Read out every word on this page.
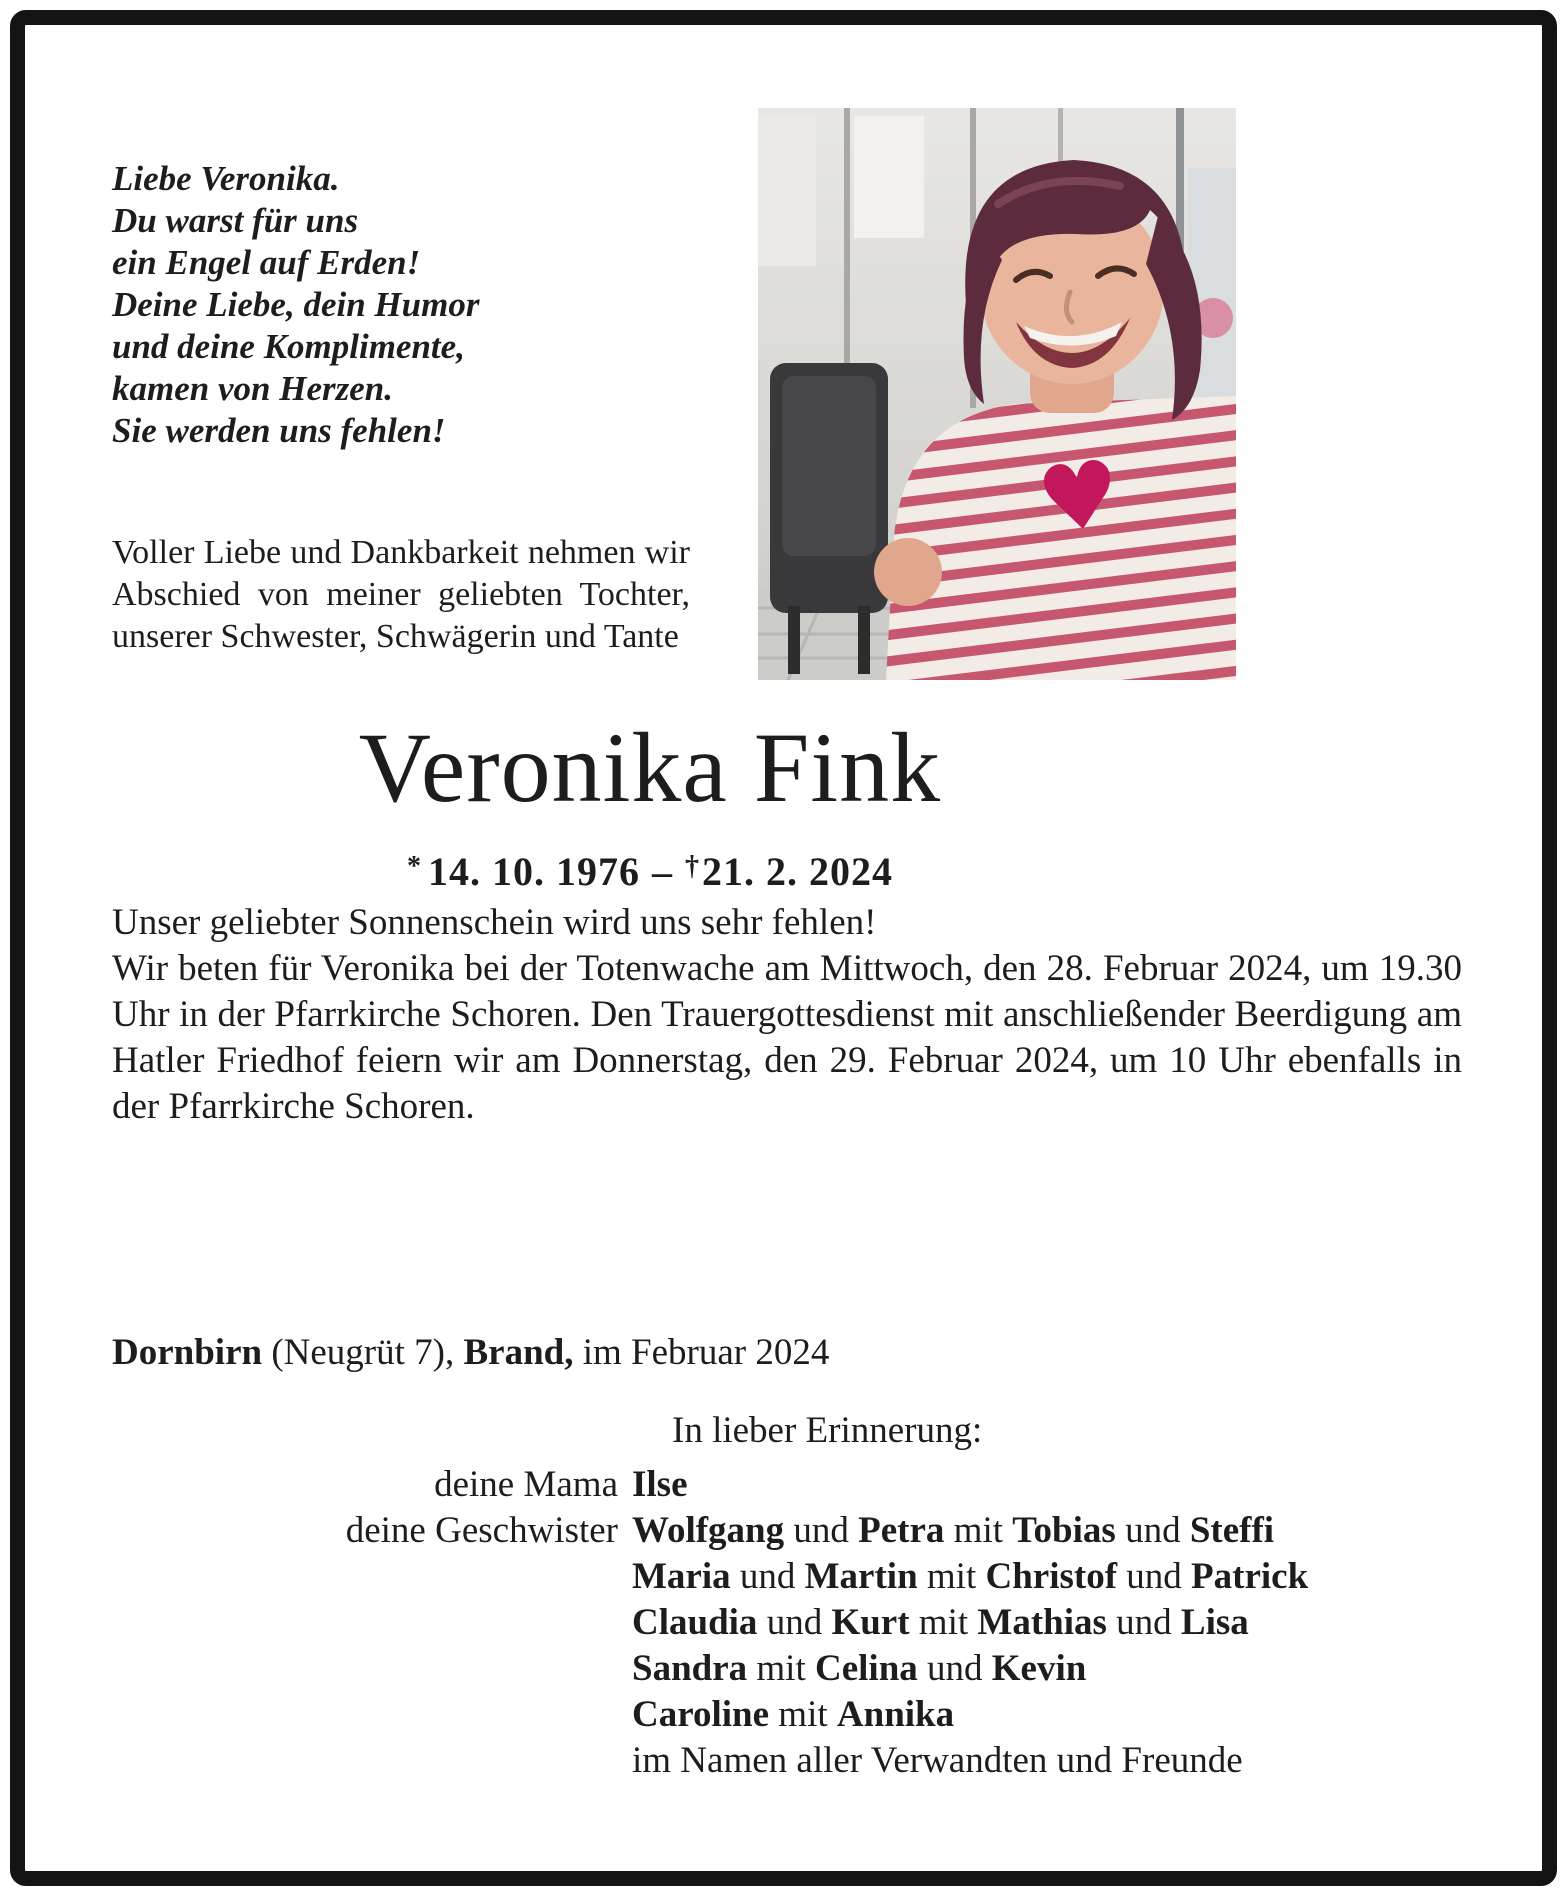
Liebe Veronika.
Du warst für uns
ein Engel auf Erden!
Deine Liebe, dein Humor
und deine Komplimente,
kamen von Herzen.
Sie werden uns fehlen!
♥
Voller Liebe und Dankbarkeit nehmen wir Abschied von meiner geliebten Tochter, unserer Schwester, Schwägerin und Tante
Veronika Fink
* 14. 10. 1976 – †21. 2. 2024
Unser geliebter Sonnenschein wird uns sehr fehlen!
Wir beten für Veronika bei der Totenwache am Mittwoch, den 28. Februar 2024, um 19.30 Uhr in der Pfarrkirche Schoren. Den Trauergottesdienst mit anschließender Beerdigung am Hatler Friedhof feiern wir am Donnerstag, den 29. Februar 2024, um 10 Uhr ebenfalls in der Pfarrkirche Schoren.
Dornbirn (Neugrüt 7), Brand, im Februar 2024
In lieber Erinnerung:
deine Mama Ilse
deine Geschwister Wolfgang und Petra mit Tobias und Steffi
Maria und Martin mit Christof und Patrick
Claudia und Kurt mit Mathias und Lisa
Sandra mit Celina und Kevin
Caroline mit Annika
im Namen aller Verwandten und Freunde
